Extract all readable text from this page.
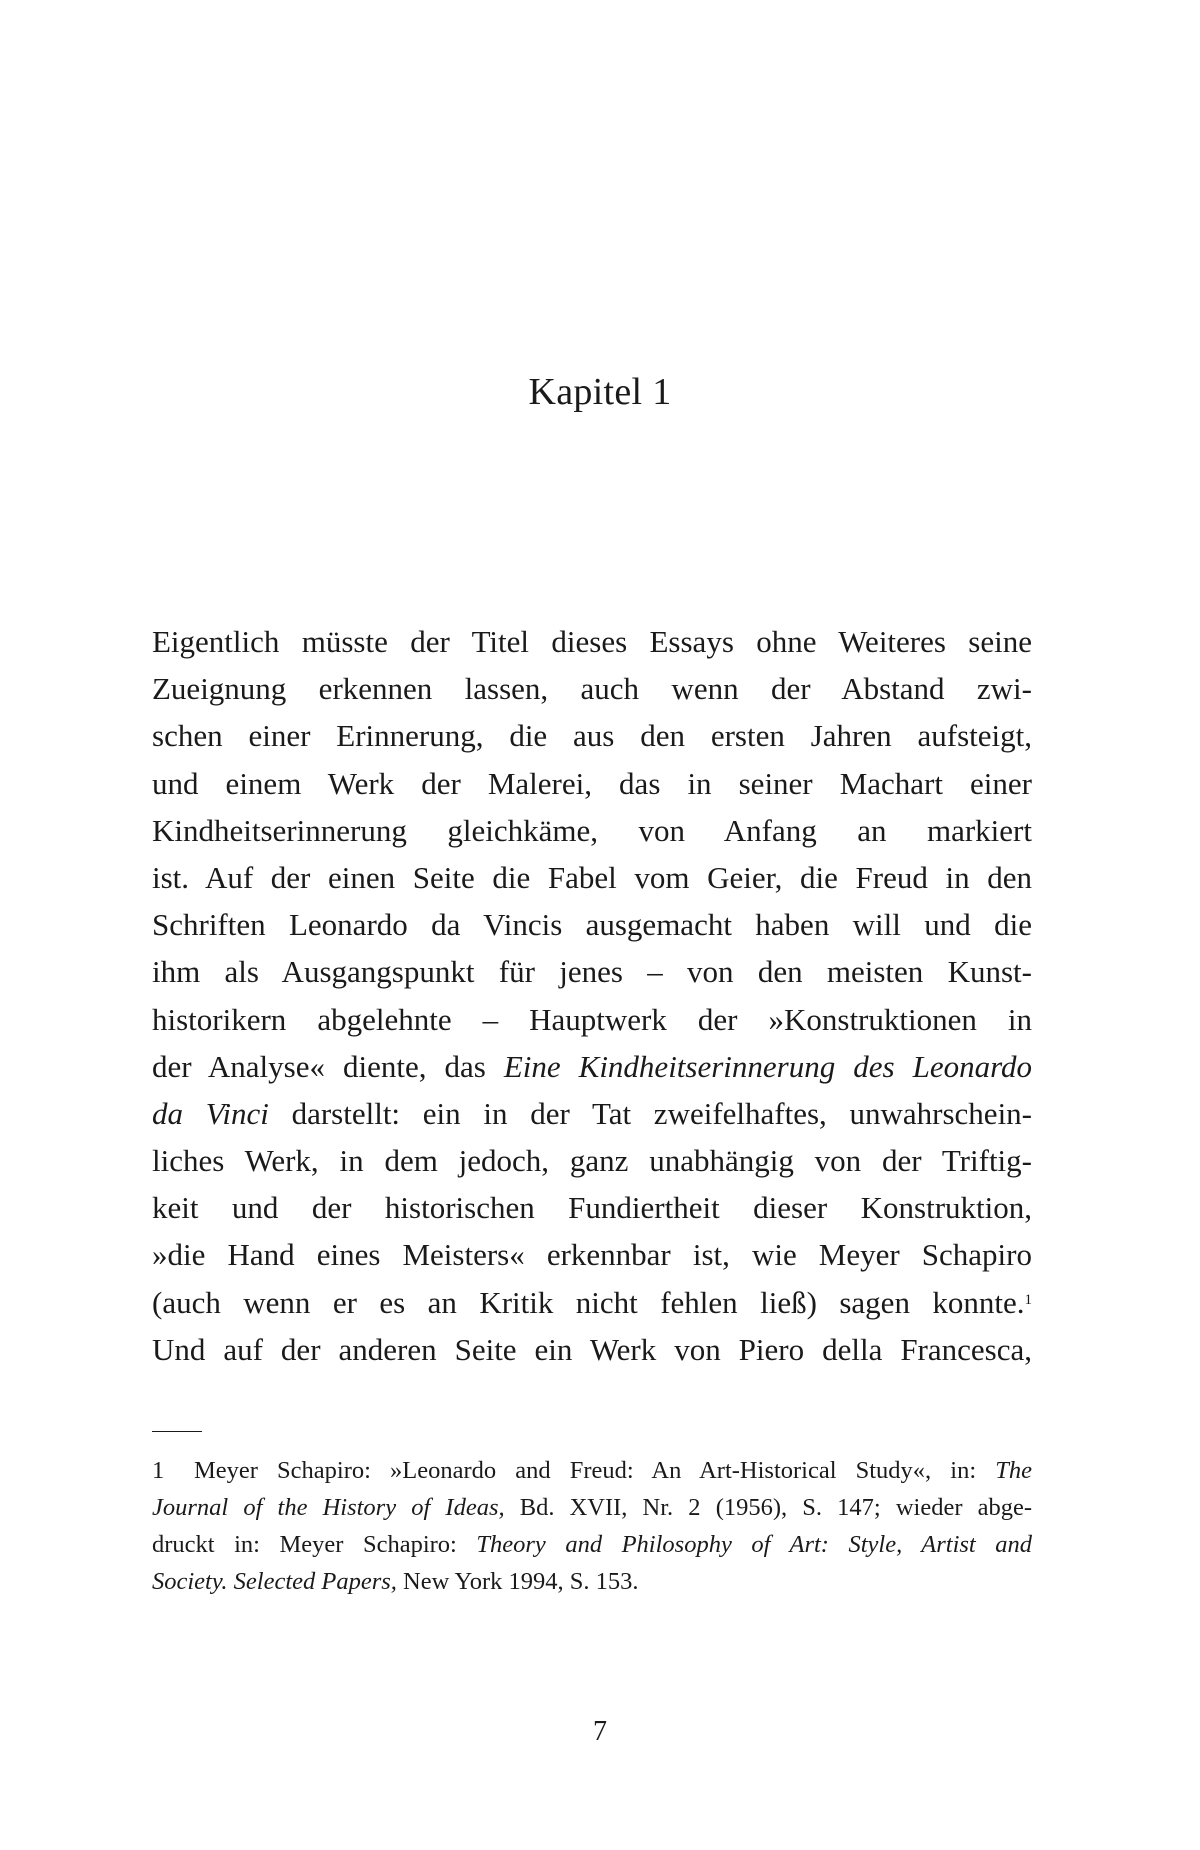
Kapitel 1
Eigentlich müsste der Titel dieses Essays ohne Weiteres seine
Zueignung erkennen lassen, auch wenn der Abstand zwi-
schen einer Erinnerung, die aus den ersten Jahren aufsteigt,
und einem Werk der Malerei, das in seiner Machart einer
Kindheitserinnerung gleichkäme, von Anfang an markiert
ist. Auf der einen Seite die Fabel vom Geier, die Freud in den
Schriften Leonardo da Vincis ausgemacht haben will und die
ihm als Ausgangspunkt für jenes – von den meisten Kunst-
historikern abgelehnte – Hauptwerk der »Konstruktionen in
der Analyse« diente, das Eine Kindheitserinnerung des Leonardo
da Vinci darstellt: ein in der Tat zweifelhaftes, unwahrschein-
liches Werk, in dem jedoch, ganz unabhängig von der Triftig-
keit und der historischen Fundiertheit dieser Konstruktion,
»die Hand eines Meisters« erkennbar ist, wie Meyer Schapiro
(auch wenn er es an Kritik nicht fehlen ließ) sagen konnte.$^1$
Und auf der anderen Seite ein Werk von Piero della Francesca,
1 Meyer Schapiro: »Leonardo and Freud: An Art-Historical Study«, in: The
Journal of the History of Ideas, Bd. XVII, Nr. 2 (1956), S. 147; wieder abge-
druckt in: Meyer Schapiro: Theory and Philosophy of Art: Style, Artist and
Society. Selected Papers, New York 1994, S. 153.
7
